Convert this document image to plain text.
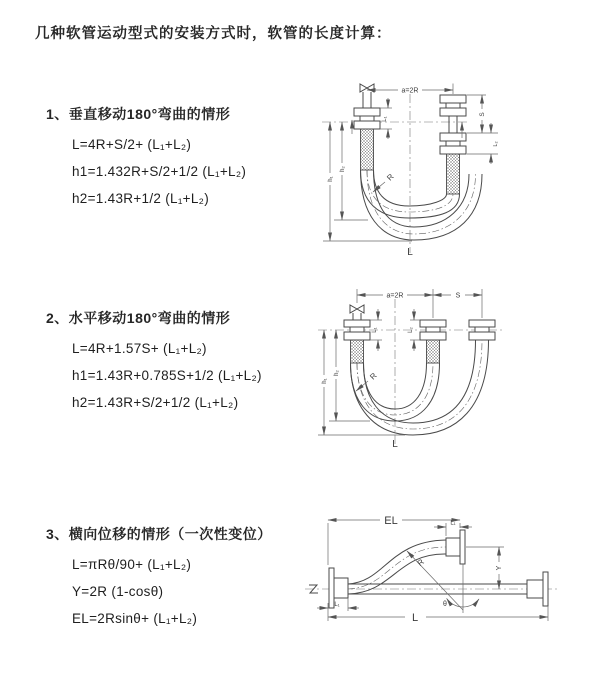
几种软管运动型式的安装方式时，软管的长度计算：
1、垂直移动180°弯曲的情形
L=4R+S/2+ (L₁+L₂)
h1=1.432R+S/2+1/2 (L₁+L₂)
h2=1.43R+1/2 (L₁+L₂)
2、水平移动180°弯曲的情形
L=4R+1.57S+ (L₁+L₂)
h1=1.43R+0.785S+1/2 (L₁+L₂)
h2=1.43R+S/2+1/2 (L₁+L₂)
3、横向位移的情形（一次性变位）
L=πRθ/90+ (L₁+L₂)
Y=2R (1-cosθ)
EL=2Rsinθ+ (L₁+L₂)
a=2R
L₁
S
L₂
h₂
h₁	R
L
a=2R	S
L₁	L₂
h₂
h₁	R
L
EL	L₁
Y
R
θ
L
L₁
